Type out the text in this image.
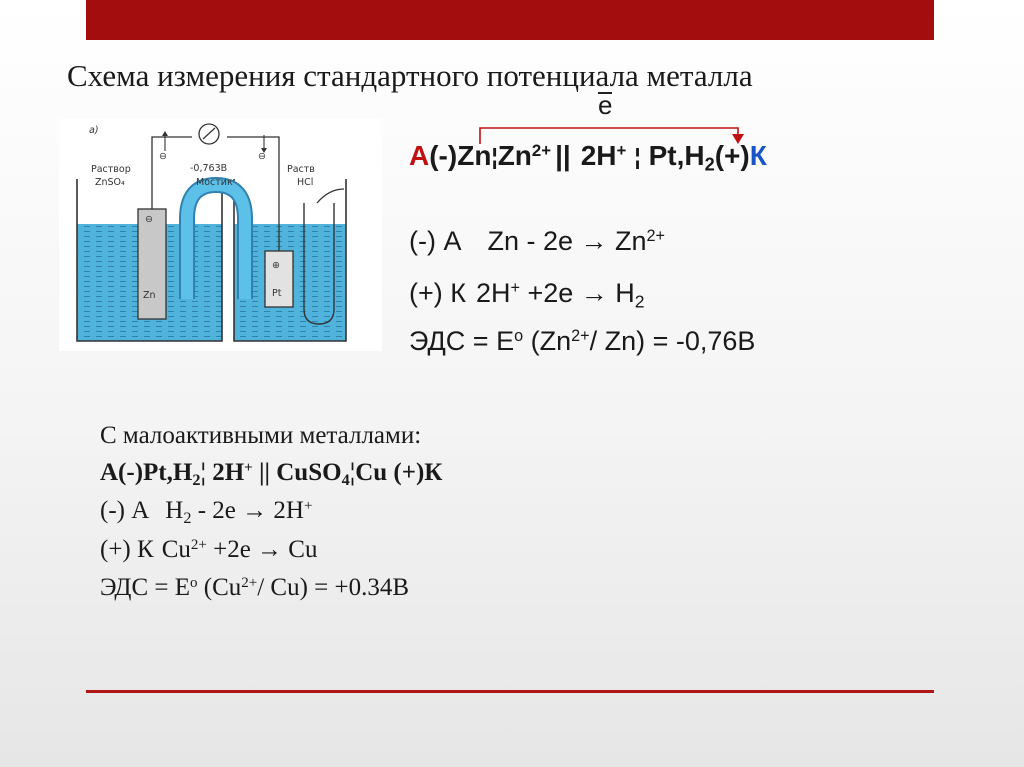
Схема измерения стандартного потенциала металла
e
$А(-)Zn¦Zn^{2+}$ || 2H+ ¦ $Pt,H_2(+)К$
(-) А $Zn - 2e \to Zn^{2+}$
(+) К $2H^+ +2e \to H_2$
ЭДС = $E^o$ ($Zn^{2+}/$ Zn) = -0,76В
а)
Раствор
ZnSO₄
Раств
HCl
-0,763В
Мостик
⊖
⊕
⊖	⊖
Zn	Pt
С малоактивными металлами:
$А(-)Pt,H_2¦$ 2H+ || CuSO$_4$¦Cu (+)К
(-) А $H_2 - 2e \to 2H^+$
(+) К $Cu^{2+} +2e \to Cu$
ЭДС = $E^o$ ($Cu^{2+}/$ Cu) = +0.34В
